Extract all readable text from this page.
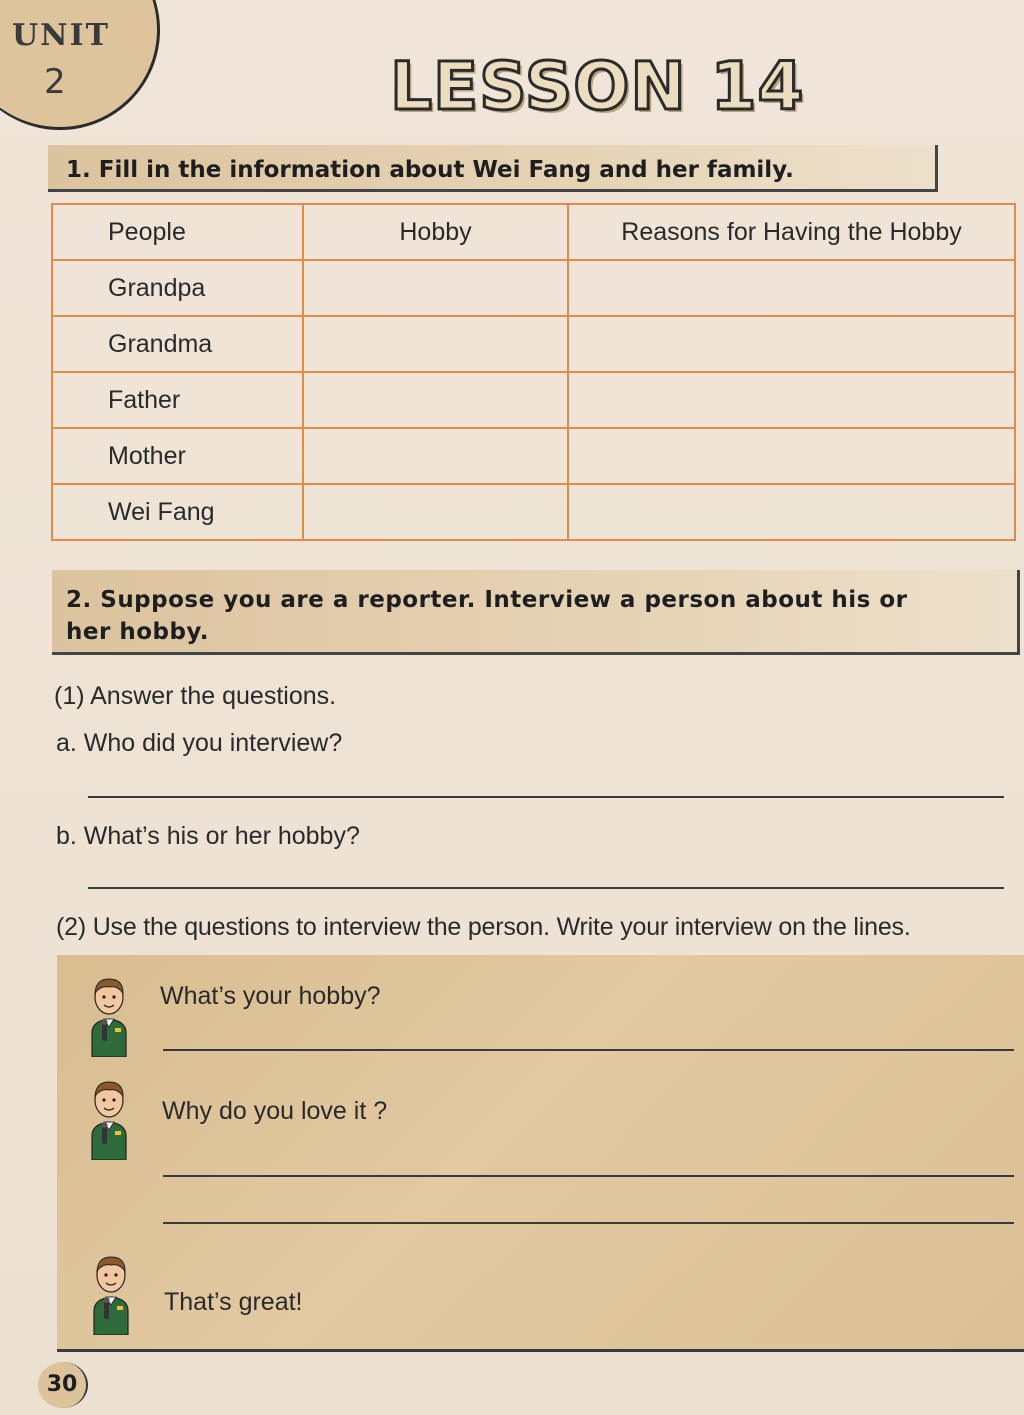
UNIT
2	LESSON 14
1. Fill in the information about Wei Fang and her family.
People	Hobby	Reasons for Having the Hobby
Grandpa		
Grandma		
Father		
Mother		
Wei Fang		
2. Suppose you are a reporter. Interview a person about his or
her hobby.
(1) Answer the questions.
a. Who did you interview?
b. What’s his or her hobby?
(2) Use the questions to interview the person. Write your interview on the lines.
What’s your hobby?
Why do you love it ?
That’s great!
30
